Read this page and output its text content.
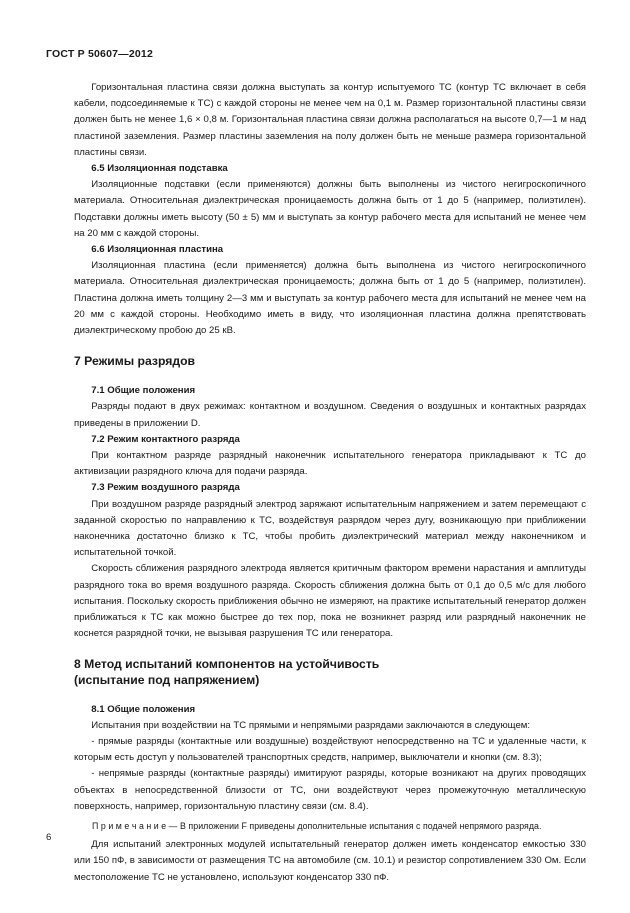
ГОСТ Р 50607—2012

Горизонтальная пластина связи должна выступать за контур испытуемого ТС (контур ТС включает в себя кабели, подсоединяемые к ТС) с каждой стороны не менее чем на 0,1 м. Размер горизонтальной пластины связи должен быть не менее 1,6 × 0,8 м. Горизонтальная пластина связи должна располагаться на высоте 0,7—1 м над пластиной заземления. Размер пластины заземления на полу должен быть не меньше размера горизонтальной пластины связи.

6.5 Изоляционная подставка

Изоляционные подставки (если применяются) должны быть выполнены из чистого негигроскопичного материала. Относительная диэлектрическая проницаемость должна быть от 1 до 5 (например, полиэтилен). Подставки должны иметь высоту (50 ± 5) мм и выступать за контур рабочего места для испытаний не менее чем на 20 мм с каждой стороны.

6.6 Изоляционная пластина

Изоляционная пластина (если применяется) должна быть выполнена из чистого негигроскопичного материала. Относительная диэлектрическая проницаемость; должна быть от 1 до 5 (например, полиэтилен). Пластина должна иметь толщину 2—3 мм и выступать за контур рабочего места для испытаний не менее чем на 20 мм с каждой стороны. Необходимо иметь в виду, что изоляционная пластина должна препятствовать диэлектрическому пробою до 25 кВ.

7 Режимы разрядов

7.1 Общие положения

Разряды подают в двух режимах: контактном и воздушном. Сведения о воздушных и контактных разрядах приведены в приложении D.

7.2 Режим контактного разряда

При контактном разряде разрядный наконечник испытательного генератора прикладывают к ТС до активизации разрядного ключа для подачи разряда.

7.3 Режим воздушного разряда

При воздушном разряде разрядный электрод заряжают испытательным напряжением и затем перемещают с заданной скоростью по направлению к ТС, воздействуя разрядом через дугу, возникающую при приближении наконечника достаточно близко к ТС, чтобы пробить диэлектрический материал между наконечником и испытательной точкой.

Скорость сближения разрядного электрода является критичным фактором времени нарастания и амплитуды разрядного тока во время воздушного разряда. Скорость сближения должна быть от 0,1 до 0,5 м/с для любого испытания. Поскольку скорость приближения обычно не измеряют, на практике испытательный генератор должен приближаться к ТС как можно быстрее до тех пор, пока не возникнет разряд или разрядный наконечник не коснется разрядной точки, не вызывая разрушения ТС или генератора.

8 Метод испытаний компонентов на устойчивость
(испытание под напряжением)

8.1 Общие положения

Испытания при воздействии на ТС прямыми и непрямыми разрядами заключаются в следующем:

- прямые разряды (контактные или воздушные) воздействуют непосредственно на ТС и удаленные части, к которым есть доступ у пользователей транспортных средств, например, выключатели и кнопки (см. 8.3);

- непрямые разряды (контактные разряды) имитируют разряды, которые возникают на других проводящих объектах в непосредственной близости от ТС, они воздействуют через промежуточную металлическую поверхность, например, горизонтальную пластину связи (см. 8.4).

П р и м е ч а н и е — В приложении F приведены дополнительные испытания с подачей непрямого разряда.

Для испытаний электронных модулей испытательный генератор должен иметь конденсатор емкостью 330 или 150 пФ, в зависимости от размещения ТС на автомобиле (см. 10.1) и резистор сопротивлением 330 Ом. Если местоположение ТС не установлено, используют конденсатор 330 пФ.

6
